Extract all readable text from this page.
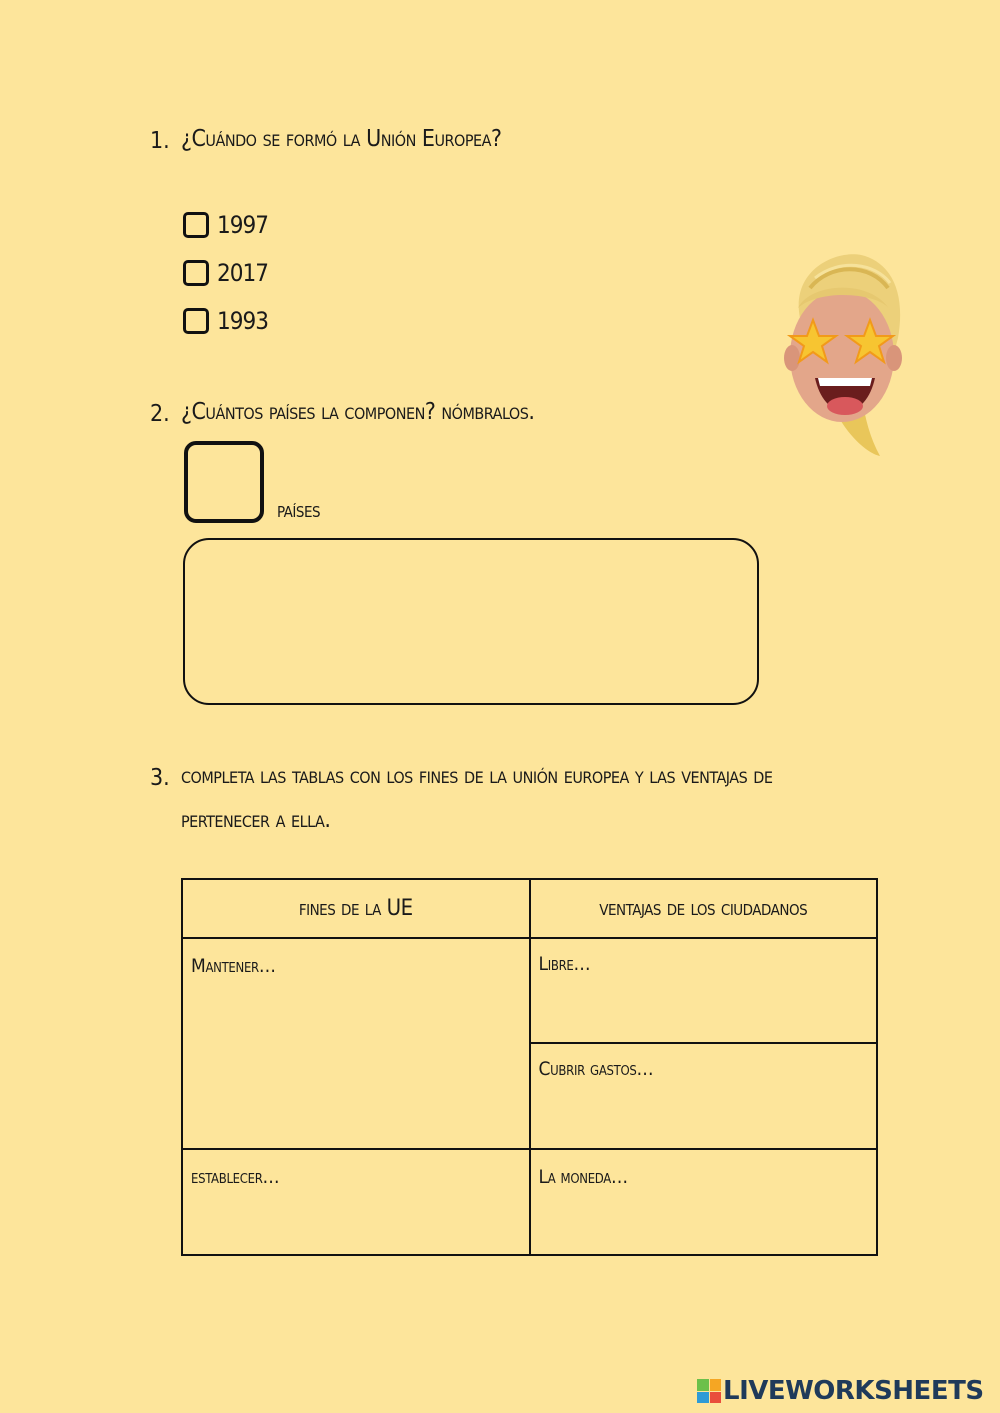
1. ¿Cuándo se formó la Unión Europea?
1997
2017
1993
2. ¿Cuántos países la componen? nómbralos.
países
3. completa las tablas con los fines de la unión europea y las ventajas de
pertenecer a ella.
fines de la UE	ventajas de los ciudadanos

Mantener…	Libre…

	Cubrir gastos…

establecer…	La moneda…
LIVEWORKSHEETS
